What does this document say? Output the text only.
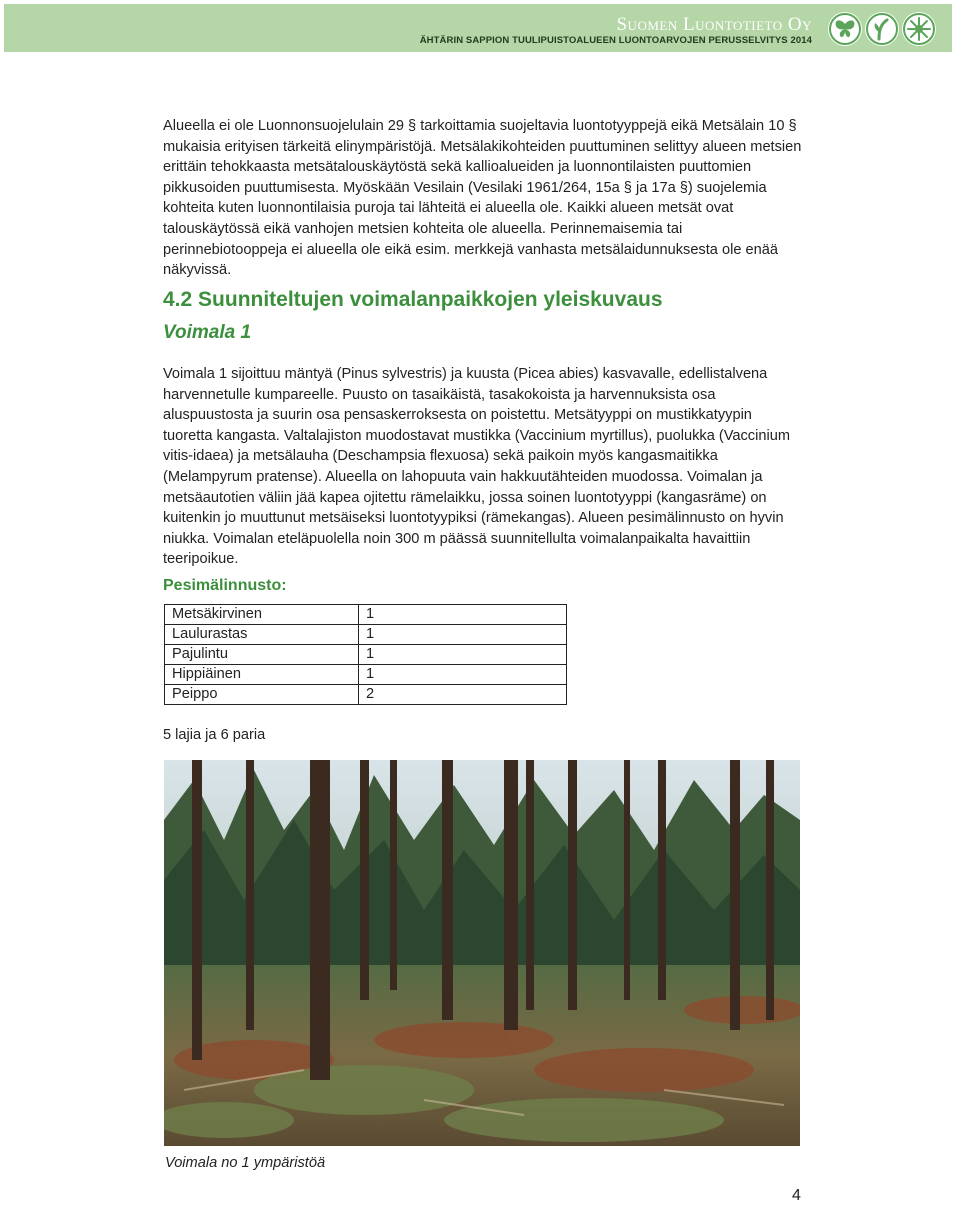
Suomen Luontotieto Oy
ÄHTÄRIN SAPPION TUULIPUISTOALUEEN LUONTOARVOJEN PERUSSELVITYS 2014

Alueella ei ole Luonnonsuojelulain 29 § tarkoittamia suojeltavia luontotyyppejä eikä Metsälain 10 § mukaisia erityisen tärkeitä elinympäristöjä. Metsälakikohteiden puuttuminen selittyy alueen metsien erittäin tehokkaasta metsätalouskäytöstä sekä kallioalueiden ja luonnontilaisten puuttomien pikkusoiden puuttumisesta. Myöskään Vesilain (Vesilaki 1961/264, 15a § ja 17a §) suojelemia kohteita kuten luonnontilaisia puroja tai lähteitä ei alueella ole. Kaikki alueen metsät ovat talouskäytössä eikä vanhojen metsien kohteita ole alueella. Perinnemaisemia tai perinnebiotooppeja ei alueella ole eikä esim. merkkejä vanhasta metsälaidunnuksesta ole enää näkyvissä.

4.2 Suunniteltujen voimalanpaikkojen yleiskuvaus
Voimala 1

Voimala 1 sijoittuu mäntyä (Pinus sylvestris) ja kuusta (Picea abies) kasvavalle, edellistalvena harvennetulle kumpareelle. Puusto on tasaikäistä, tasakokoista ja harvennuksista osa aluspuustosta ja suurin osa pensaskerroksesta on poistettu. Metsätyyppi on mustikkatyypin tuoretta kangasta. Valtalajiston muodostavat mustikka (Vaccinium myrtillus), puolukka (Vaccinium vitis-idaea) ja metsälauha (Deschampsia flexuosa) sekä paikoin myös kangasmaitikka (Melampyrum pratense). Alueella on lahopuuta vain hakkuutähteiden muodossa. Voimalan ja metsäautotien väliin jää kapea ojitettu rämelaikku, jossa soinen luontotyyppi (kangasräme) on kuitenkin jo muuttunut metsäiseksi luontotyypiksi (rämekangas). Alueen pesimälinnusto on hyvin niukka. Voimalan eteläpuolella noin 300 m päässä suunnitellulta voimalanpaikalta havaittiin teeripoikue.

Pesimälinnusto:
Metsäkirvinen	1
Laulurastas	1
Pajulintu	1
Hippiäinen	1
Peippo	2

5 lajia ja 6 paria

Voimala no 1 ympäristöä

4
